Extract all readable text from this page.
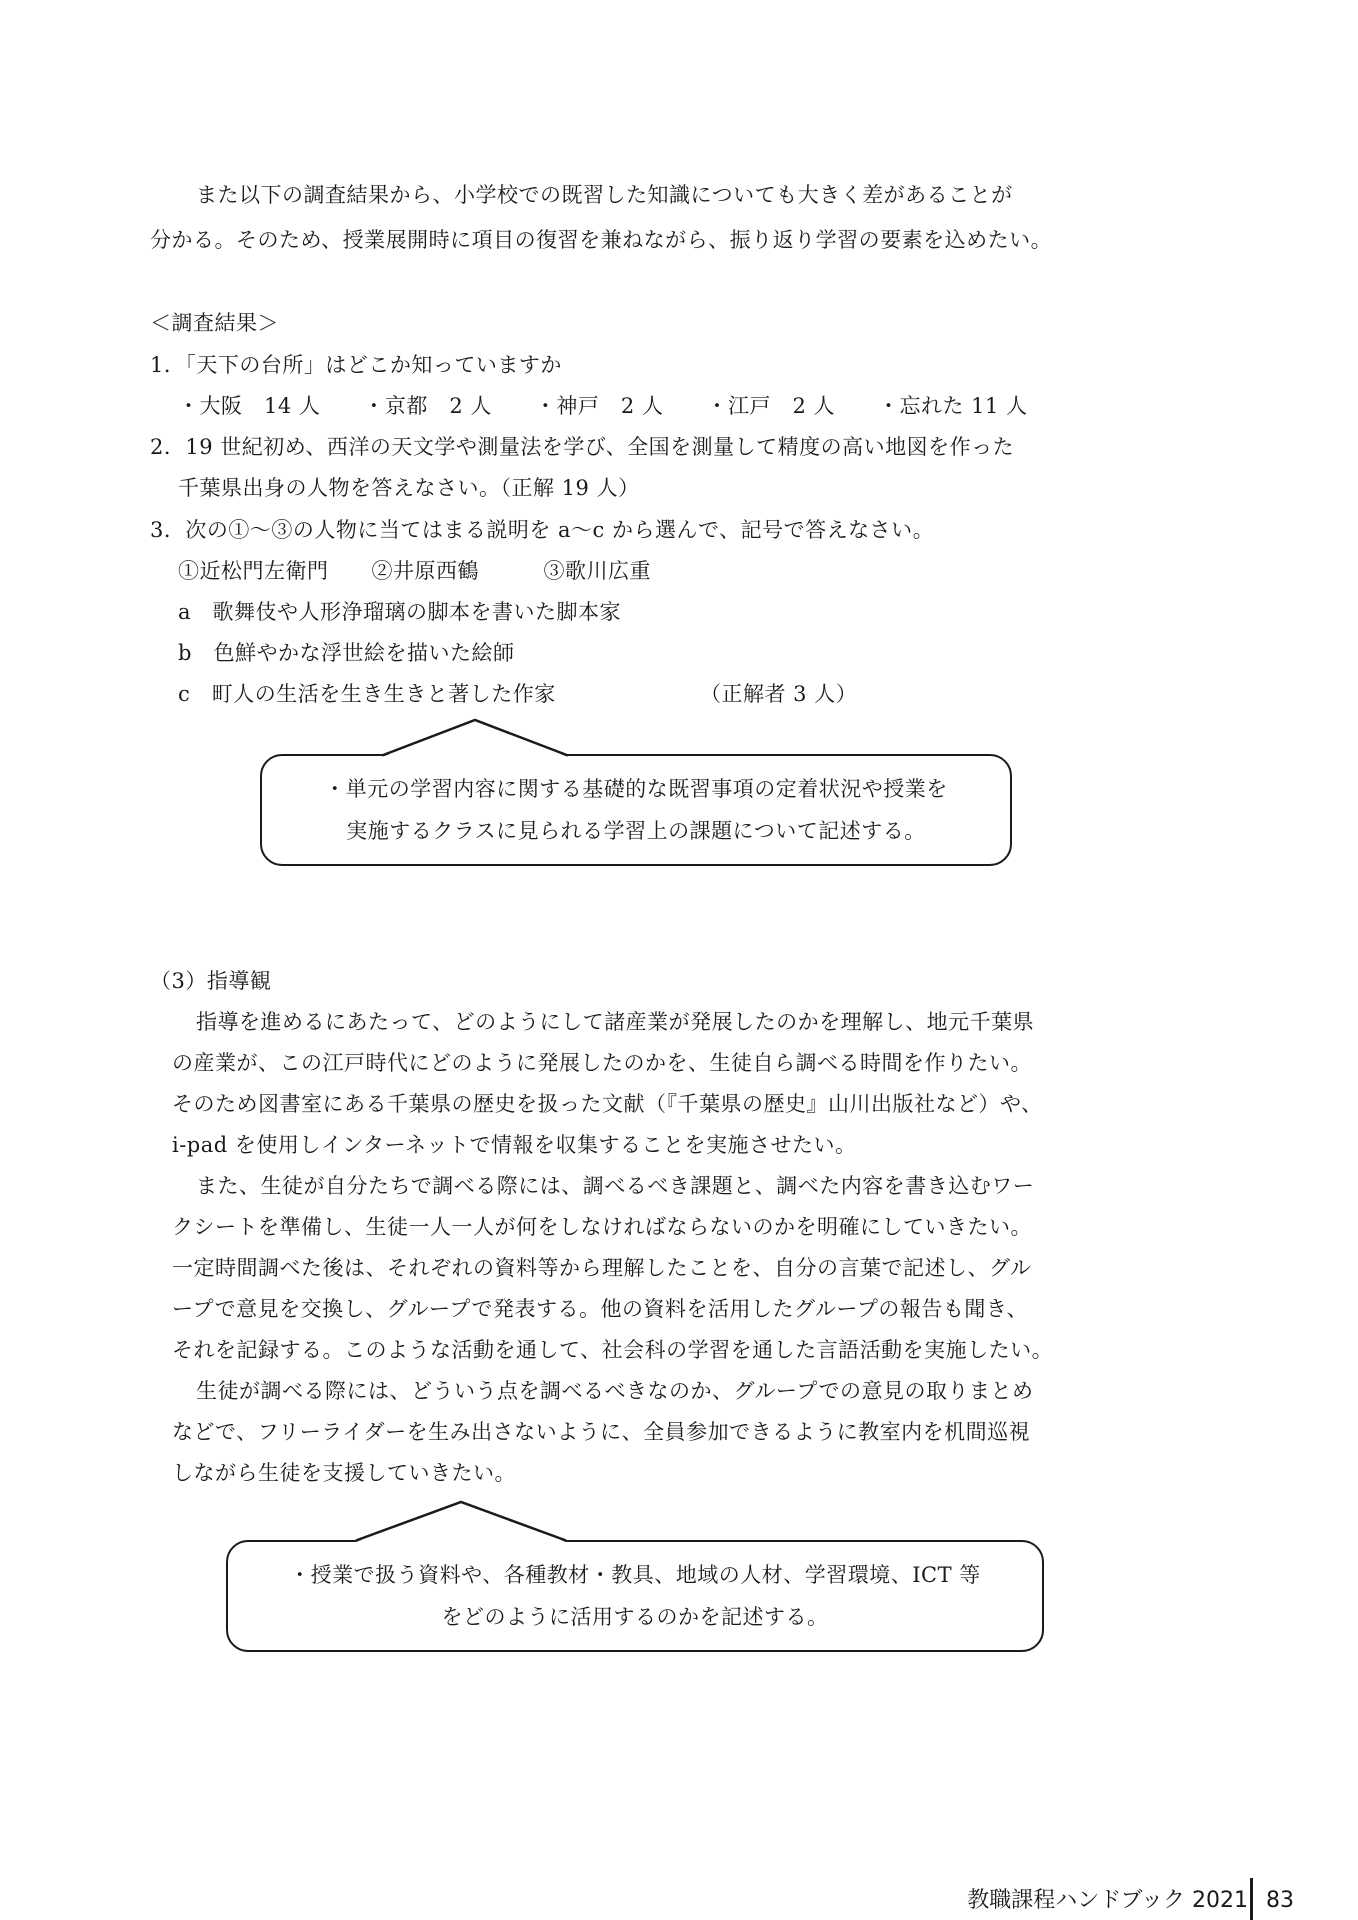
また以下の調査結果から、小学校での既習した知識についても大きく差があることが
分かる。そのため、授業展開時に項目の復習を兼ねながら、振り返り学習の要素を込めたい。
＜調査結果＞
1．「天下の台所」はどこか知っていますか
・大阪　14 人　　・京都　2 人　　・神戸　2 人　　・江戸　2 人　　・忘れた 11 人
2．19 世紀初め、西洋の天文学や測量法を学び、全国を測量して精度の高い地図を作った
千葉県出身の人物を答えなさい。（正解 19 人）
3．次の①～③の人物に当てはまる説明を a～c から選んで、記号で答えなさい。
①近松門左衛門　　②井原西鶴　　　③歌川広重
a　歌舞伎や人形浄瑠璃の脚本を書いた脚本家
b　色鮮やかな浮世絵を描いた絵師
c　町人の生活を生き生きと著した作家	（正解者 3 人）
・単元の学習内容に関する基礎的な既習事項の定着状況や授業を
実施するクラスに見られる学習上の課題について記述する。
（3）指導観
指導を進めるにあたって、どのようにして諸産業が発展したのかを理解し、地元千葉県
の産業が、この江戸時代にどのように発展したのかを、生徒自ら調べる時間を作りたい。
そのため図書室にある千葉県の歴史を扱った文献（『千葉県の歴史』山川出版社など）や、
i-pad を使用しインターネットで情報を収集することを実施させたい。
また、生徒が自分たちで調べる際には、調べるべき課題と、調べた内容を書き込むワー
クシートを準備し、生徒一人一人が何をしなければならないのかを明確にしていきたい。
一定時間調べた後は、それぞれの資料等から理解したことを、自分の言葉で記述し、グル
ープで意見を交換し、グループで発表する。他の資料を活用したグループの報告も聞き、
それを記録する。このような活動を通して、社会科の学習を通した言語活動を実施したい。
生徒が調べる際には、どういう点を調べるべきなのか、グループでの意見の取りまとめ
などで、フリーライダーを生み出さないように、全員参加できるように教室内を机間巡視
しながら生徒を支援していきたい。
・授業で扱う資料や、各種教材・教具、地域の人材、学習環境、ICT 等
をどのように活用するのかを記述する。
教職課程ハンドブック 2021 83
